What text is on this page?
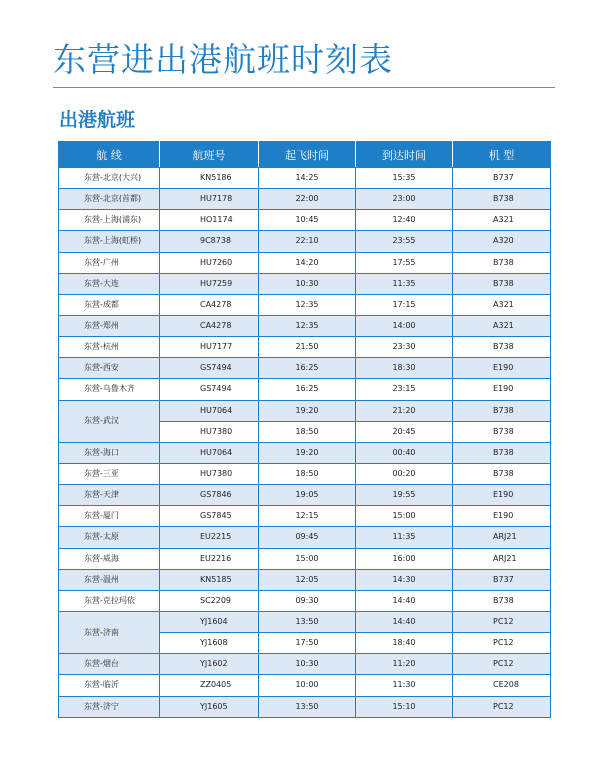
东营进出港航班时刻表
出港航班
航 线	航班号	起飞时间	到达时间	机 型
东营-北京(大兴)	KN5186	14:25	15:35	B737
东营-北京(首都)	HU7178	22:00	23:00	B738
东营-上海(浦东)	HO1174	10:45	12:40	A321
东营-上海(虹桥)	9C8738	22:10	23:55	A320
东营-广州	HU7260	14:20	17:55	B738
东营-大连	HU7259	10:30	11:35	B738
东营-成都	CA4278	12:35	17:15	A321
东营-郑州	CA4278	12:35	14:00	A321
东营-杭州	HU7177	21:50	23:30	B738
东营-西安	GS7494	16:25	18:30	E190
东营-乌鲁木齐	GS7494	16:25	23:15	E190
东营-武汉	HU7064	19:20	21:20	B738
	HU7380	18:50	20:45	B738
东营-海口	HU7064	19:20	00:40	B738
东营-三亚	HU7380	18:50	00:20	B738
东营-天津	GS7846	19:05	19:55	E190
东营-厦门	GS7845	12:15	15:00	E190
东营-太原	EU2215	09:45	11:35	ARJ21
东营-威海	EU2216	15:00	16:00	ARJ21
东营-温州	KN5185	12:05	14:30	B737
东营-克拉玛依	SC2209	09:30	14:40	B738
东营-济南	YJ1604	13:50	14:40	PC12
	YJ1608	17:50	18:40	PC12
东营-烟台	YJ1602	10:30	11:20	PC12
东营-临沂	ZZ0405	10:00	11:30	CE208
东营-济宁	YJ1605	13:50	15:10	PC12
